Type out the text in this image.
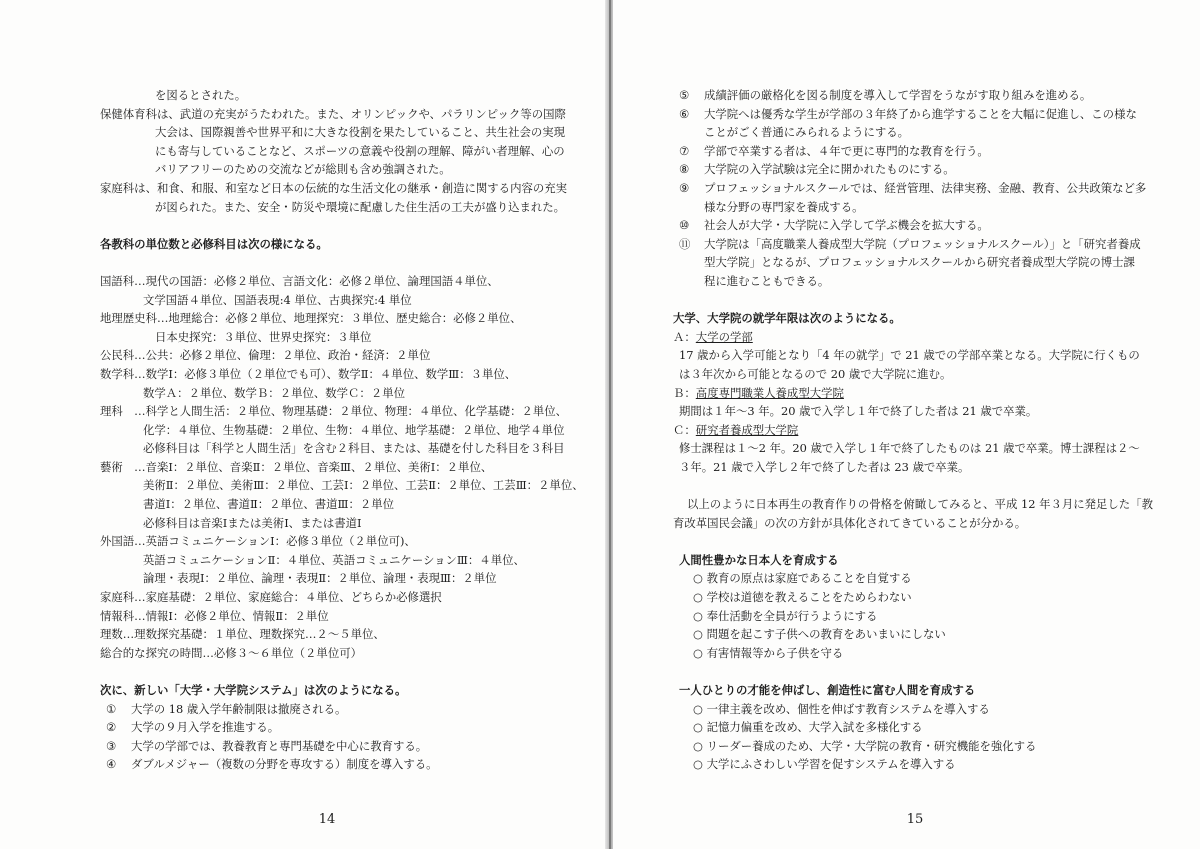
を図るとされた。
保健体育科は、武道の充実がうたわれた。また、オリンピックや、パラリンピック等の国際
大会は、国際親善や世界平和に大きな役割を果たしていること、共生社会の実現
にも寄与していることなど、スポーツの意義や役割の理解、障がい者理解、心の
バリアフリーのための交流などが総則も含め強調された。
家庭科は、和食、和服、和室など日本の伝統的な生活文化の継承・創造に関する内容の充実
が図られた。また、安全・防災や環境に配慮した住生活の工夫が盛り込まれた。
各教科の単位数と必修科目は次の様になる。
国語科…現代の国語：必修２単位、言語文化：必修２単位、論理国語４単位、
文学国語４単位、国語表現:4 単位、古典探究:4 単位
地理歴史科…地理総合：必修２単位、地理探究：３単位、歴史総合：必修２単位、
日本史探究：３単位、世界史探究：３単位
公民科…公共：必修２単位、倫理：２単位、政治・経済：２単位
数学科…数学Ⅰ：必修３単位（２単位でも可）、数学Ⅱ：４単位、数学Ⅲ：３単位、
数学Ａ：２単位、数学Ｂ：２単位、数学Ｃ：２単位
理科　…科学と人間生活：２単位、物理基礎：２単位、物理：４単位、化学基礎：２単位、
化学：４単位、生物基礎：２単位、生物：４単位、地学基礎：２単位、地学４単位
必修科目は「科学と人間生活」を含む２科目、または、基礎を付した科目を３科目
藝術　…音楽Ⅰ：２単位、音楽Ⅱ：２単位、音楽Ⅲ、２単位、美術Ⅰ：２単位、
美術Ⅱ：２単位、美術Ⅲ：２単位、工芸Ⅰ：２単位、工芸Ⅱ：２単位、工芸Ⅲ：２単位、
書道Ⅰ：２単位、書道Ⅱ：２単位、書道Ⅲ：２単位
必修科目は音楽Ⅰまたは美術Ⅰ、または書道Ⅰ
外国語…英語コミュニケーションⅠ：必修３単位（２単位可)、
英語コミュニケーションⅡ：４単位、英語コミュニケーションⅢ：４単位、
論理・表現Ⅰ：２単位、論理・表現Ⅱ：２単位、論理・表現Ⅲ：２単位
家庭科…家庭基礎：２単位、家庭総合：４単位、どちらか必修選択
情報科…情報Ⅰ：必修２単位、情報Ⅱ：２単位
理数…理数探究基礎：１単位、理数探究…２～５単位、
総合的な探究の時間…必修３～６単位（２単位可）
次に、新しい「大学・大学院システム」は次のようになる。
① 大学の 18 歳入学年齢制限は撤廃される。
② 大学の９月入学を推進する。
③ 大学の学部では、教養教育と専門基礎を中心に教育する。
④ ダブルメジャー（複数の分野を専攻する）制度を導入する。
14
⑤ 成績評価の厳格化を図る制度を導入して学習をうながす取り組みを進める。
⑥ 大学院へは優秀な学生が学部の３年終了から進学することを大幅に促進し、この様な
ことがごく普通にみられるようにする。
⑦ 学部で卒業する者は、４年で更に専門的な教育を行う。
⑧ 大学院の入学試験は完全に開かれたものにする。
⑨ プロフェッショナルスクールでは、経営管理、法律実務、金融、教育、公共政策など多
様な分野の専門家を養成する。
⑩ 社会人が大学・大学院に入学して学ぶ機会を拡大する。
⑪ 大学院は「高度職業人養成型大学院（プロフェッショナルスクール）」と「研究者養成
型大学院」となるが、プロフェッショナルスクールから研究者養成型大学院の博士課
程に進むこともできる。
大学、大学院の就学年限は次のようになる。
Ａ：大学の学部
17 歳から入学可能となり「4 年の就学」で 21 歳での学部卒業となる。大学院に行くもの
は３年次から可能となるので 20 歳で大学院に進む。
Ｂ：高度専門職業人養成型大学院
期間は１年～3 年。20 歳で入学し１年で終了した者は 21 歳で卒業。
Ｃ：研究者養成型大学院
修士課程は１～2 年。20 歳で入学し１年で終了したものは 21 歳で卒業。博士課程は２～
３年。21 歳で入学し２年で終了した者は 23 歳で卒業。
以上のように日本再生の教育作りの骨格を俯瞰してみると、平成 12 年３月に発足した「教
育改革国民会議」の次の方針が具体化されてきていることが分かる。
人間性豊かな日本人を育成する
○ 教育の原点は家庭であることを自覚する
○ 学校は道徳を教えることをためらわない
○ 奉仕活動を全員が行うようにする
○ 問題を起こす子供への教育をあいまいにしない
○ 有害情報等から子供を守る
一人ひとりの才能を伸ばし、創造性に富む人間を育成する
○ 一律主義を改め、個性を伸ばす教育システムを導入する
○ 記憶力偏重を改め、大学入試を多様化する
○ リーダー養成のため、大学・大学院の教育・研究機能を強化する
○ 大学にふさわしい学習を促すシステムを導入する
15
